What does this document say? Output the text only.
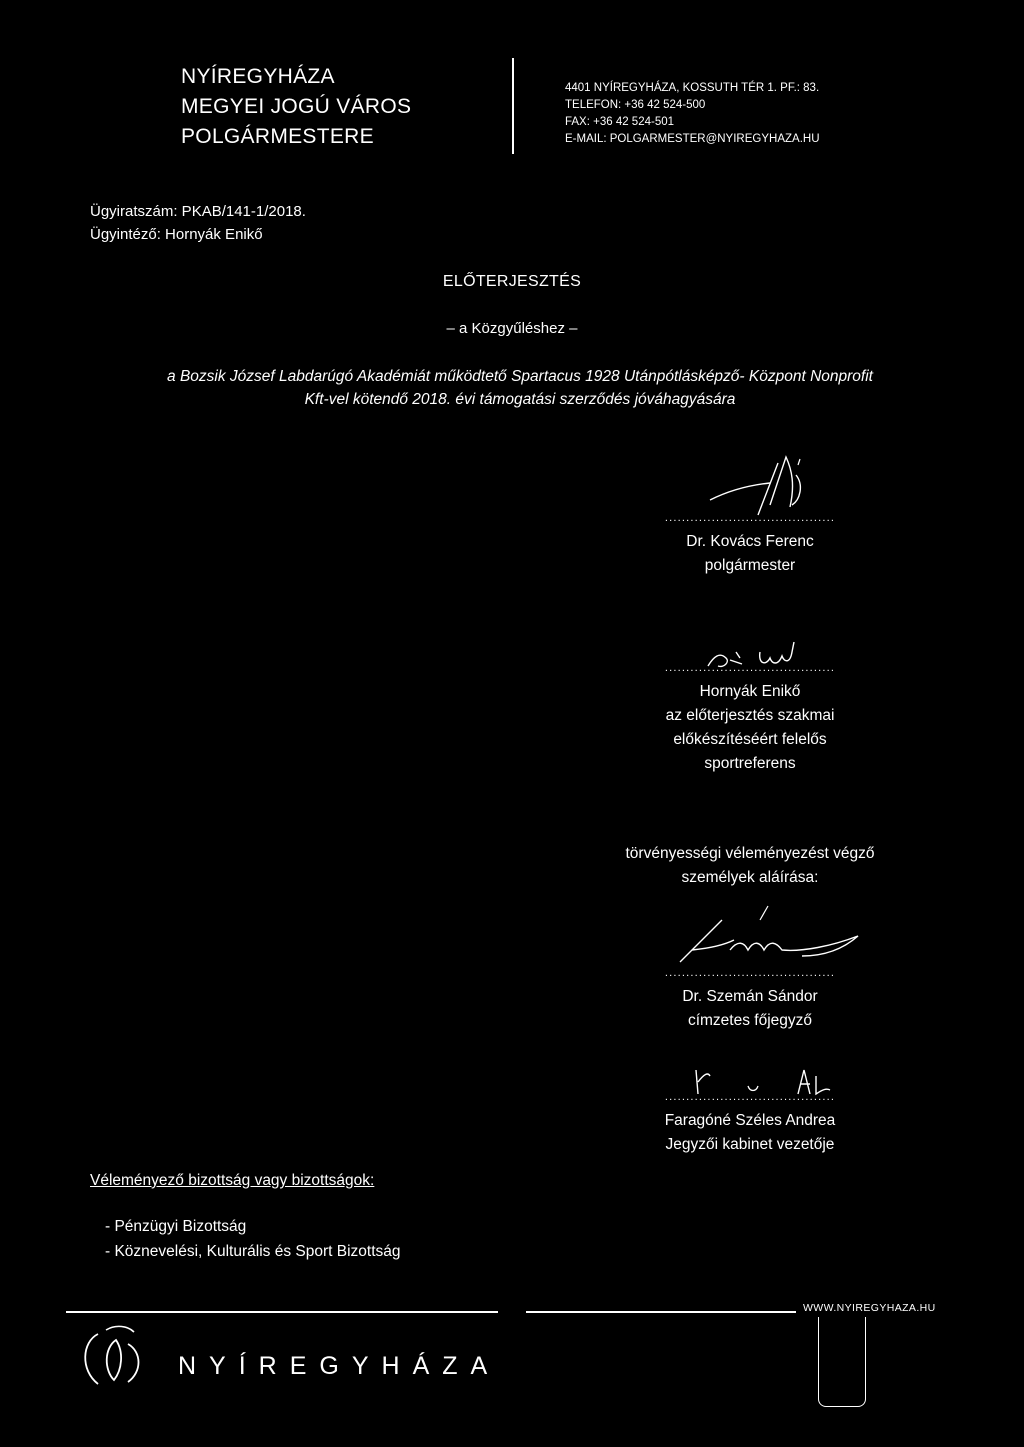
NYÍREGYHÁZA
MEGYEI JOGÚ VÁROS
POLGÁRMESTERE
4401 NYÍREGYHÁZA, KOSSUTH TÉR 1. PF.: 83.
TELEFON: +36 42 524-500
FAX: +36 42 524-501
E-MAIL: POLGARMESTER@NYIREGYHAZA.HU
Ügyiratszám: PKAB/141-1/2018.
Ügyintéző: Hornyák Enikő
ELŐTERJESZTÉS
– a Közgyűléshez –
a Bozsik József Labdarúgó Akadémiát működtető Spartacus 1928 Utánpótlásképző- Központ Nonprofit
Kft-vel kötendő 2018. évi támogatási szerződés jóváhagyására
........................................
Dr. Kovács Ferenc
polgármester
........................................
Hornyák Enikő
az előterjesztés szakmai
előkészítéséért felelős
sportreferens
törvényességi véleményezést végző
személyek aláírása:
........................................
Dr. Szemán Sándor
címzetes főjegyző
........................................
Faragóné Széles Andrea
Jegyzői kabinet vezetője
Véleményező bizottság vagy bizottságok:
- Pénzügyi Bizottság
- Köznevelési, Kulturális és Sport Bizottság
WWW.NYIREGYHAZA.HU
NYÍREGYHÁZA
